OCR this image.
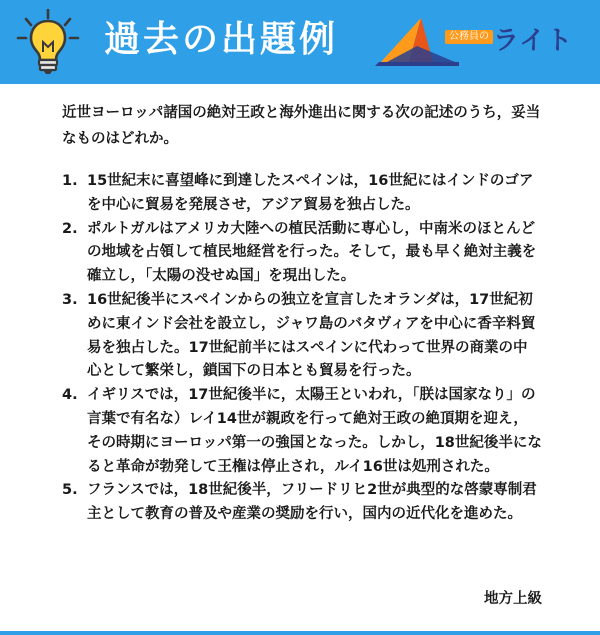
過去の出題例	公務員の ライト
近世ヨーロッパ諸国の絶対王政と海外進出に関する次の記述のうち，妥当なものはどれか。
1. 15世紀末に喜望峰に到達したスペインは，16世紀にはインドのゴアを中心に貿易を発展させ，アジア貿易を独占した。
2. ポルトガルはアメリカ大陸への植民活動に専心し，中南米のほとんどの地域を占領して植民地経営を行った。そして，最も早く絶対主義を確立し，「太陽の没せぬ国」を現出した。
3. 16世紀後半にスペインからの独立を宣言したオランダは，17世紀初めに東インド会社を設立し，ジャワ島のバタヴィアを中心に香辛料貿易を独占した。17世紀前半にはスペインに代わって世界の商業の中心として繁栄し，鎖国下の日本とも貿易を行った。
4. イギリスでは，17世紀後半に，太陽王といわれ，「朕は国家なり」の言葉で有名な）レイ14世が親政を行って絶対王政の絶頂期を迎え，その時期にヨーロッパ第一の強国となった。しかし，18世紀後半になると革命が勃発して王権は停止され，ルイ16世は処刑された。
5. フランスでは，18世紀後半，フリードリヒ2世が典型的な啓蒙専制君主として教育の普及や産業の奨励を行い，国内の近代化を進めた。
地方上級
